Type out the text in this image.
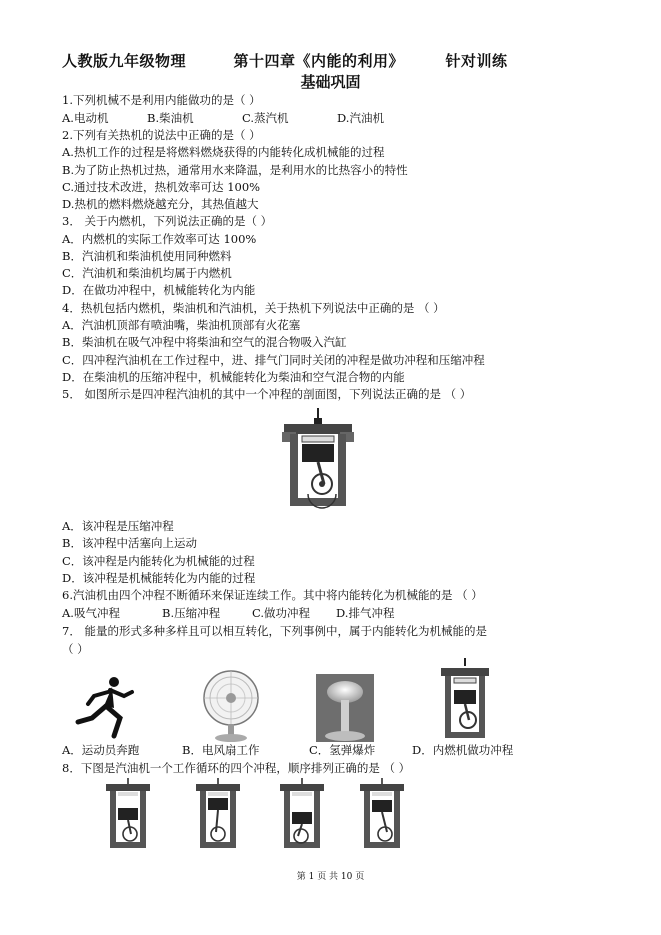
人教版九年级物理	第十四章《内能的利用》	针对训练
基础巩固
1.下列机械不是利用内能做功的是（ ）
A.电动机	B.柴油机	C.蒸汽机	D.汽油机
2.下列有关热机的说法中正确的是（ ）
A.热机工作的过程是将燃料燃烧获得的内能转化成机械能的过程
B.为了防止热机过热，通常用水来降温，是利用水的比热容小的特性
C.通过技术改进，热机效率可达 100%
D.热机的燃料燃烧越充分，其热值越大
3． 关于内燃机，下列说法正确的是（ ）
A．内燃机的实际工作效率可达 100%
B．汽油机和柴油机使用同种燃料
C．汽油机和柴油机均属于内燃机
D．在做功冲程中，机械能转化为内能
4．热机包括内燃机，柴油机和汽油机，关于热机下列说法中正确的是 （ ）
A．汽油机顶部有喷油嘴，柴油机顶部有火花塞
B．柴油机在吸气冲程中将柴油和空气的混合物吸入汽缸
C．四冲程汽油机在工作过程中，进、排气门同时关闭的冲程是做功冲程和压缩冲程
D．在柴油机的压缩冲程中，机械能转化为柴油和空气混合物的内能
5． 如图所示是四冲程汽油机的其中一个冲程的剖面图，下列说法正确的是 （ ）
A．该冲程是压缩冲程
B．该冲程中活塞向上运动
C．该冲程是内能转化为机械能的过程
D．该冲程是机械能转化为内能的过程
6.汽油机由四个冲程不断循环来保证连续工作。其中将内能转化为机械能的是 （ ）
A.吸气冲程	B.压缩冲程	C.做功冲程 D.排气冲程
7． 能量的形式多种多样且可以相互转化，下列事例中，属于内能转化为机械能的是
（ ）
A．运动员奔跑	B．电风扇工作	C．氢弹爆炸	D．内燃机做功冲程
8．下图是汽油机一个工作循环的四个冲程，顺序排列正确的是 （ ）
第 1 页 共 10 页
